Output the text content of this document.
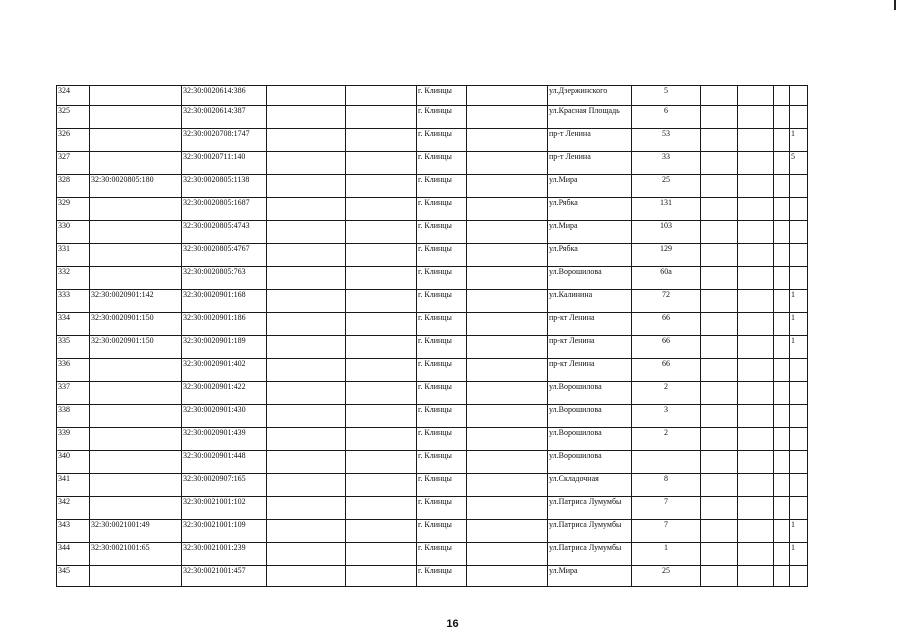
324		32:30:0020614:386			г. Клинцы		ул.Дзержинского	5				
325		32:30:0020614:387			г. Клинцы		ул.Красная Площадь	6				
326		32:30:0020708:1747			г. Клинцы		пр-т Ленина	53				1
327		32:30:0020711:140			г. Клинцы		пр-т Ленина	33				5
328	32:30:0020805:180	32:30:0020805:1138			г. Клинцы		ул.Мира	25				
329		32:30:0020805:1687			г. Клинцы		ул.Рябка	131				
330		32:30:0020805:4743			г. Клинцы		ул.Мира	103				
331		32:30:0020805:4767			г. Клинцы		ул.Рябка	129				
332		32:30:0020805:763			г. Клинцы		ул.Ворошилова	60а				
333	32:30:0020901:142	32:30:0020901:168			г. Клинцы		ул.Калинина	72				1
334	32:30:0020901:150	32:30:0020901:186			г. Клинцы		пр-кт Ленина	66				1
335	32:30:0020901:150	32:30:0020901:189			г. Клинцы		пр-кт Ленина	66				1
336		32:30:0020901:402			г. Клинцы		пр-кт Ленина	66				
337		32:30:0020901:422			г. Клинцы		ул.Ворошилова	2				
338		32:30:0020901:430			г. Клинцы		ул.Ворошилова	3				
339		32:30:0020901:439			г. Клинцы		ул.Ворошилова	2				
340		32:30:0020901:448			г. Клинцы		ул.Ворошилова					
341		32:30:0020907:165			г. Клинцы		ул.Складочная	8				
342		32:30:0021001:102			г. Клинцы		ул.Патриса Лумумбы	7				
343	32:30:0021001:49	32:30:0021001:109			г. Клинцы		ул.Патриса Лумумбы	7				1
344	32:30:0021001:65	32:30:0021001:239			г. Клинцы		ул.Патриса Лумумбы	1				1
345		32:30:0021001:457			г. Клинцы		ул.Мира	25				
16
